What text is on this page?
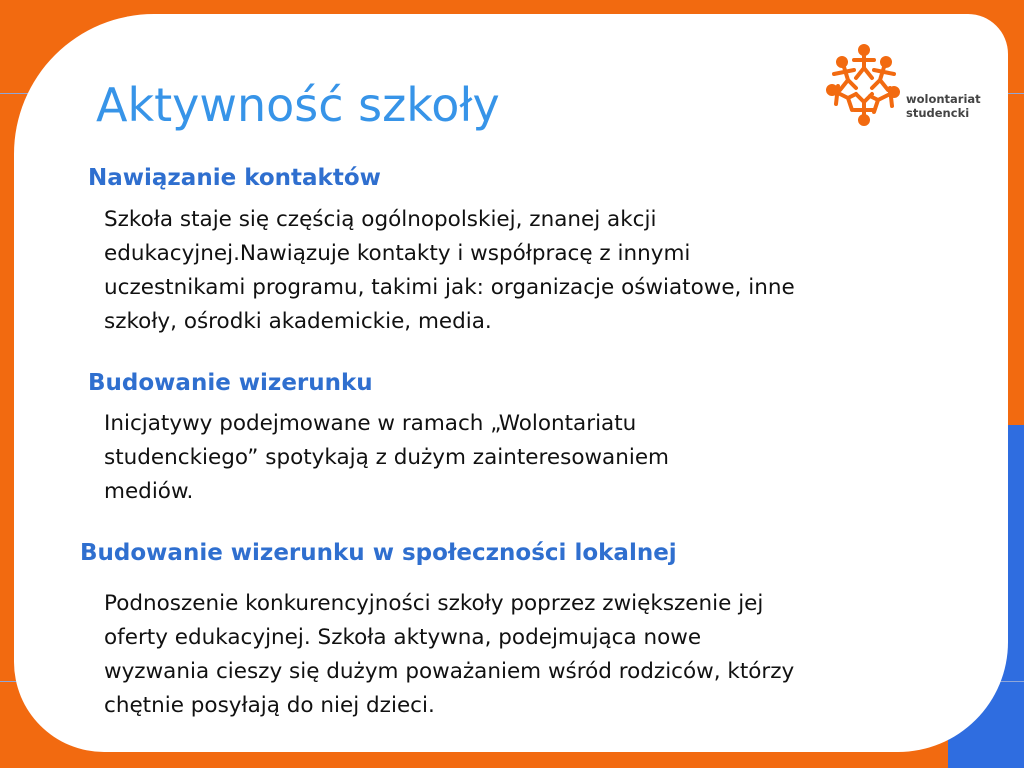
Aktywność szkoły	wolontariat
studencki

Nawiązanie kontaktów

Szkoła staje się częścią ogólnopolskiej, znanej akcji
edukacyjnej.Nawiązuje kontakty i współpracę z innymi
uczestnikami programu, takimi jak: organizacje oświatowe, inne
szkoły, ośrodki akademickie, media.

Budowanie wizerunku

Inicjatywy podejmowane w ramach „Wolontariatu
studenckiego” spotykają z dużym zainteresowaniem
mediów.

Budowanie wizerunku w społeczności lokalnej

Podnoszenie konkurencyjności szkoły poprzez zwiększenie jej
oferty edukacyjnej. Szkoła aktywna, podejmująca nowe
wyzwania cieszy się dużym poważaniem wśród rodziców, którzy
chętnie posyłają do niej dzieci.
